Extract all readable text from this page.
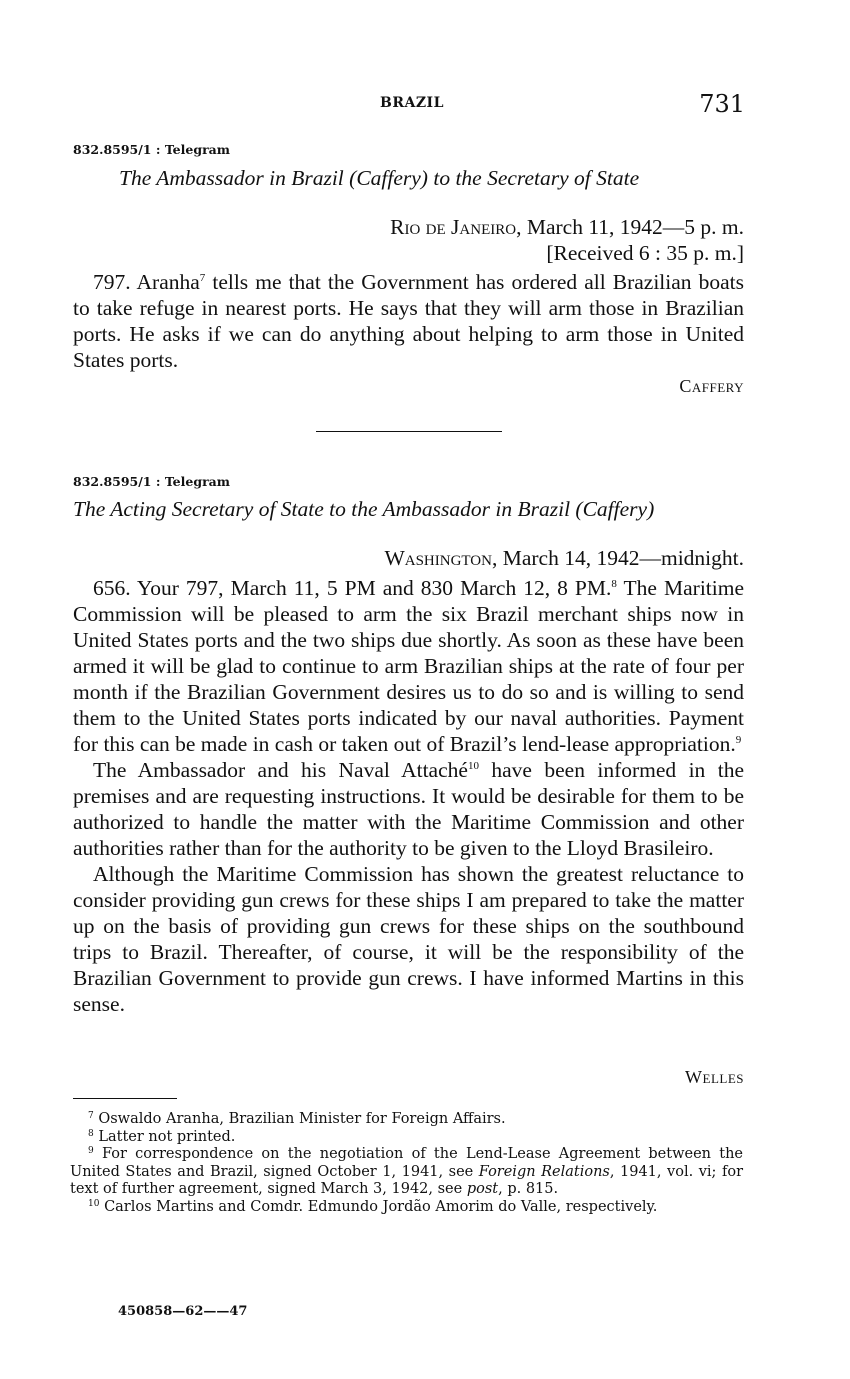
BRAZIL	731
832.8595/1 : Telegram
The Ambassador in Brazil (Caffery) to the Secretary of State
Rio de Janeiro, March 11, 1942—5 p. m.
[Received 6 : 35 p. m.]

797. Aranha$^7$ tells me that the Government has ordered all Brazilian boats to take refuge in nearest ports. He says that they will arm those in Brazilian ports. He asks if we can do anything about helping to arm those in United States ports.

Caffery
832.8595/1 : Telegram
The Acting Secretary of State to the Ambassador in Brazil (Caffery)
Washington, March 14, 1942—midnight.

656. Your 797, March 11, 5 PM and 830 March 12, 8 PM.$^8$ The Maritime Commission will be pleased to arm the six Brazil merchant ships now in United States ports and the two ships due shortly. As soon as these have been armed it will be glad to continue to arm Brazilian ships at the rate of four per month if the Brazilian Government desires us to do so and is willing to send them to the United States ports indicated by our naval authorities. Payment for this can be made in cash or taken out of Brazil’s lend-lease appropriation.$^9$

The Ambassador and his Naval Attaché$^{10}$ have been informed in the premises and are requesting instructions. It would be desirable for them to be authorized to handle the matter with the Maritime Commission and other authorities rather than for the authority to be given to the Lloyd Brasileiro.

Although the Maritime Commission has shown the greatest reluctance to consider providing gun crews for these ships I am prepared to take the matter up on the basis of providing gun crews for these ships on the southbound trips to Brazil. Thereafter, of course, it will be the responsibility of the Brazilian Government to provide gun crews. I have informed Martins in this sense.

Welles

$^7$ Oswaldo Aranha, Brazilian Minister for Foreign Affairs.

$^8$ Latter not printed.

$^9$ For correspondence on the negotiation of the Lend-Lease Agreement between the United States and Brazil, signed October 1, 1941, see Foreign Relations, 1941, vol. vi; for text of further agreement, signed March 3, 1942, see post, p. 815.

$^{10}$ Carlos Martins and Comdr. Edmundo Jordão Amorim do Valle, respectively.

450858—62——47
